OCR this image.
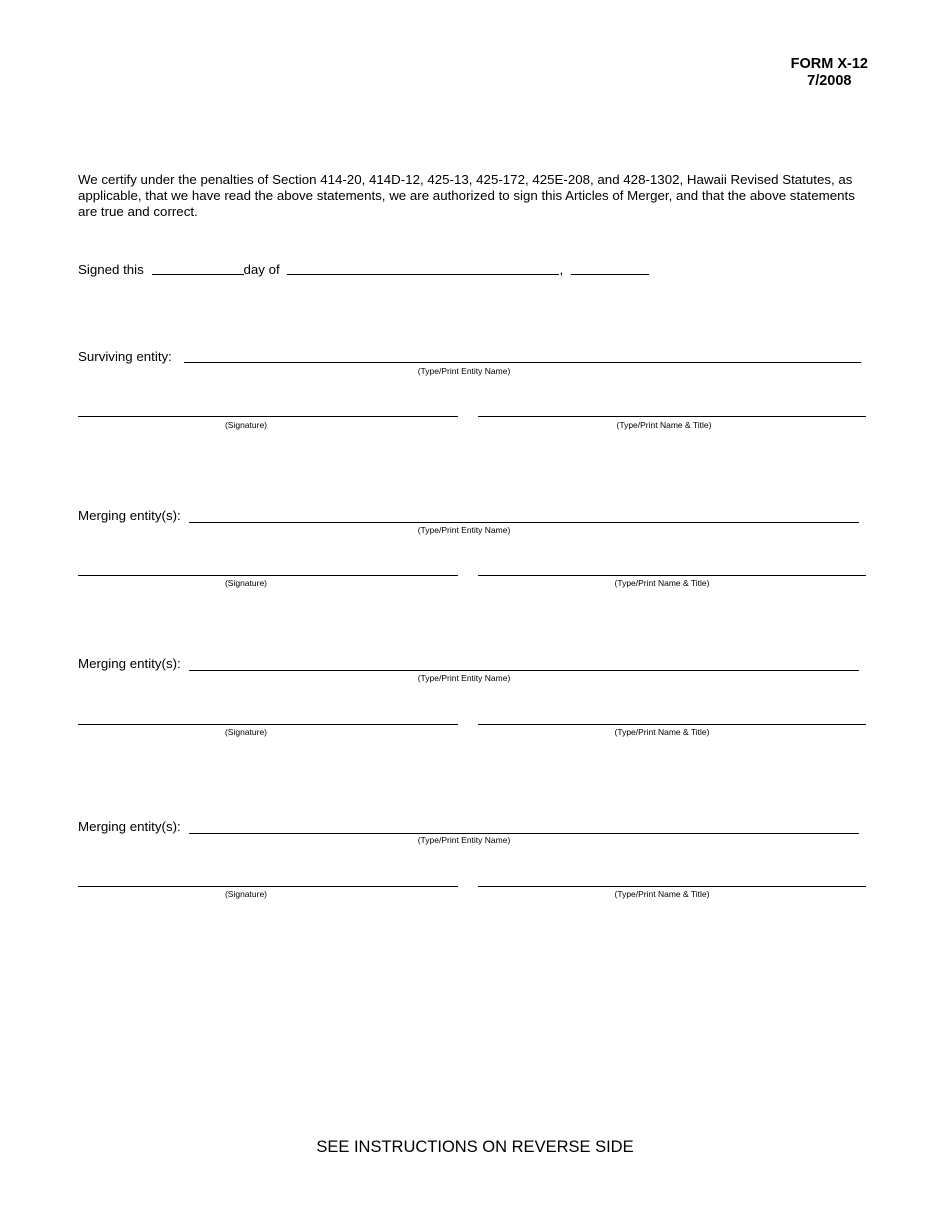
FORM X-12
7/2008
We certify under the penalties of Section 414-20, 414D-12, 425-13, 425-172, 425E-208, and 428-1302, Hawaii Revised Statutes, as applicable, that we have read the above statements, we are authorized to sign this Articles of Merger, and that the above statements are true and correct.
Signed this	day of	,
Surviving entity:
(Type/Print Entity Name)
(Signature)	(Type/Print Name & Title)
Merging entity(s):
(Type/Print Entity Name)
(Signature)	(Type/Print Name & Title)
Merging entity(s):
(Type/Print Entity Name)
(Signature)	(Type/Print Name & Title)
Merging entity(s):
(Type/Print Entity Name)
(Signature)	(Type/Print Name & Title)
SEE INSTRUCTIONS ON REVERSE SIDE
